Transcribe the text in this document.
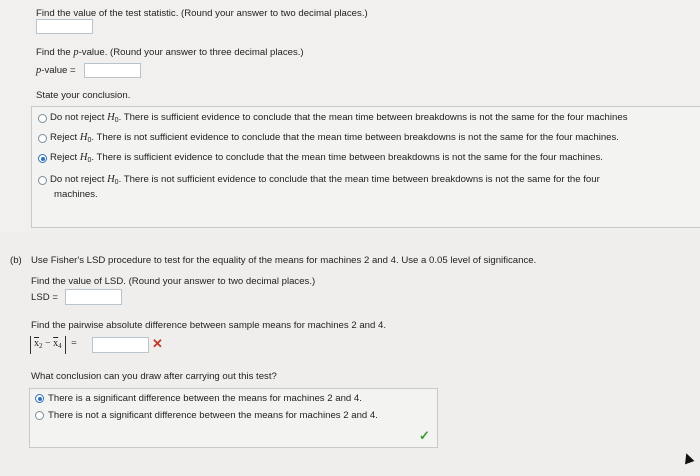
Find the value of the test statistic. (Round your answer to two decimal places.)
Find the p-value. (Round your answer to three decimal places.)
p-value =
State your conclusion.
Do not reject $H_0$. There is sufficient evidence to conclude that the mean time between breakdowns is not the same for the four machines
Reject $H_0$. There is not sufficient evidence to conclude that the mean time between breakdowns is not the same for the four machines.
Reject $H_0$. There is sufficient evidence to conclude that the mean time between breakdowns is not the same for the four machines.
Do not reject $H_0$. There is not sufficient evidence to conclude that the mean time between breakdowns is not the same for the four
machines.
(b) Use Fisher's LSD procedure to test for the equality of the means for machines 2 and 4. Use a 0.05 level of significance.
Find the value of LSD. (Round your answer to two decimal places.)
LSD =
Find the pairwise absolute difference between sample means for machines 2 and 4.
$\overline{x}_2 - \overline{x}_4$ =	✕
What conclusion can you draw after carrying out this test?
There is a significant difference between the means for machines 2 and 4.
There is not a significant difference between the means for machines 2 and 4.
✓
